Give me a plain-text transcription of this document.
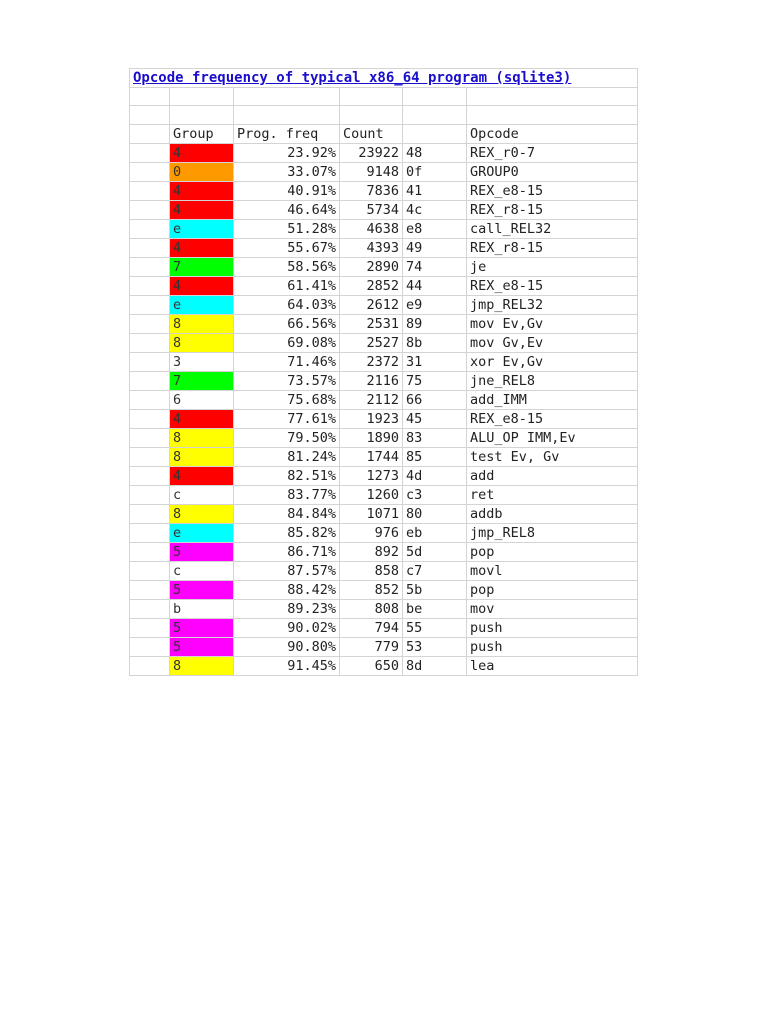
Opcode frequency of typical x86_64 program (sqlite3)					

	Group	Prog. freq	Count		Opcode
	4	23.92%	23922	48	REX_r0-7
	0	33.07%	9148	0f	GROUP0
	4	40.91%	7836	41	REX_e8-15
	4	46.64%	5734	4c	REX_r8-15
	e	51.28%	4638	e8	call_REL32
	4	55.67%	4393	49	REX_r8-15
	7	58.56%	2890	74	je
	4	61.41%	2852	44	REX_e8-15
	e	64.03%	2612	e9	jmp_REL32
	8	66.56%	2531	89	mov Ev,Gv
	8	69.08%	2527	8b	mov Gv,Ev
	3	71.46%	2372	31	xor Ev,Gv
	7	73.57%	2116	75	jne_REL8
	6	75.68%	2112	66	add_IMM
	4	77.61%	1923	45	REX_e8-15
	8	79.50%	1890	83	ALU_OP IMM,Ev
	8	81.24%	1744	85	test Ev, Gv
	4	82.51%	1273	4d	add
	c	83.77%	1260	c3	ret
	8	84.84%	1071	80	addb
	e	85.82%	976	eb	jmp_REL8
	5	86.71%	892	5d	pop
	c	87.57%	858	c7	movl
	5	88.42%	852	5b	pop
	b	89.23%	808	be	mov
	5	90.02%	794	55	push
	5	90.80%	779	53	push
	8	91.45%	650	8d	lea
